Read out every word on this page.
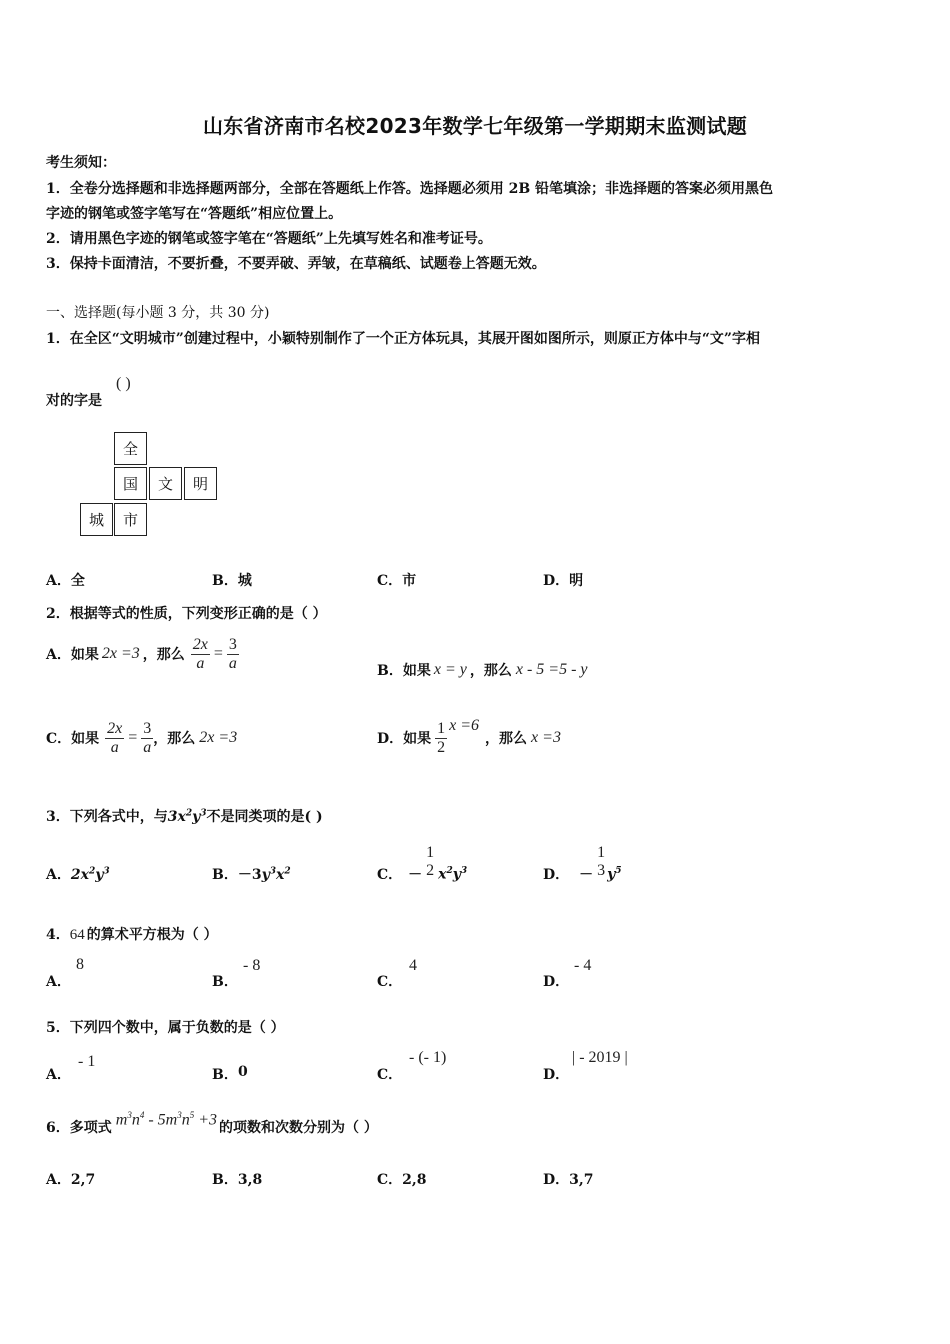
山东省济南市名校2023年数学七年级第一学期期末监测试题
考生须知：
1．全卷分选择题和非选择题两部分，全部在答题纸上作答。选择题必须用 2B 铅笔填涂；非选择题的答案必须用黑色
字迹的钢笔或签字笔写在“答题纸”相应位置上。
2．请用黑色字迹的钢笔或签字笔在“答题纸”上先填写姓名和准考证号。
3．保持卡面清洁，不要折叠，不要弄破、弄皱，在草稿纸、试题卷上答题无效。
一、选择题(每小题 3 分，共 30 分)
1．在全区“文明城市”创建过程中，小颖特别制作了一个正方体玩具，其展开图如图所示，则原正方体中与“文”字相
对的字是
( )
全
国	文	明
城	市
A．全	B．城	C．市	D．明
2．根据等式的性质，下列变形正确的是（ ）
A．如果 2x =3 ，那么 $\frac{2x}{a} = \frac{3}{a}$	B．如果 x = y ，那么 x - 5 =5 - y
C．如果 $\frac{2x}{a} = \frac{3}{a}$ ，那么 2x =3	D．如果 $\frac{1}{2}$ x =6
，那么 x =3
3．下列各式中，与$3x^2y^3$不是同类项的是( )
A．$2x^2y^3$	B．$-3y^3x^2$	C． －
1
2 $x^2y^3$	D． －
1
3 $y^5$
4．64 的算术平方根为（ ）
A．
8
B．
- 8
C．
4
D．
- 4
5．下列四个数中，属于负数的是（ ）
A．
- 1
B． 0	C．
- (- 1)
D．
| - 2019 |
6．多项式 $m^3n^4 - 5m^3n^5 +3$ 的项数和次数分别为（ ）
A．2,7	B．3,8	C．2,8	D．3,7
